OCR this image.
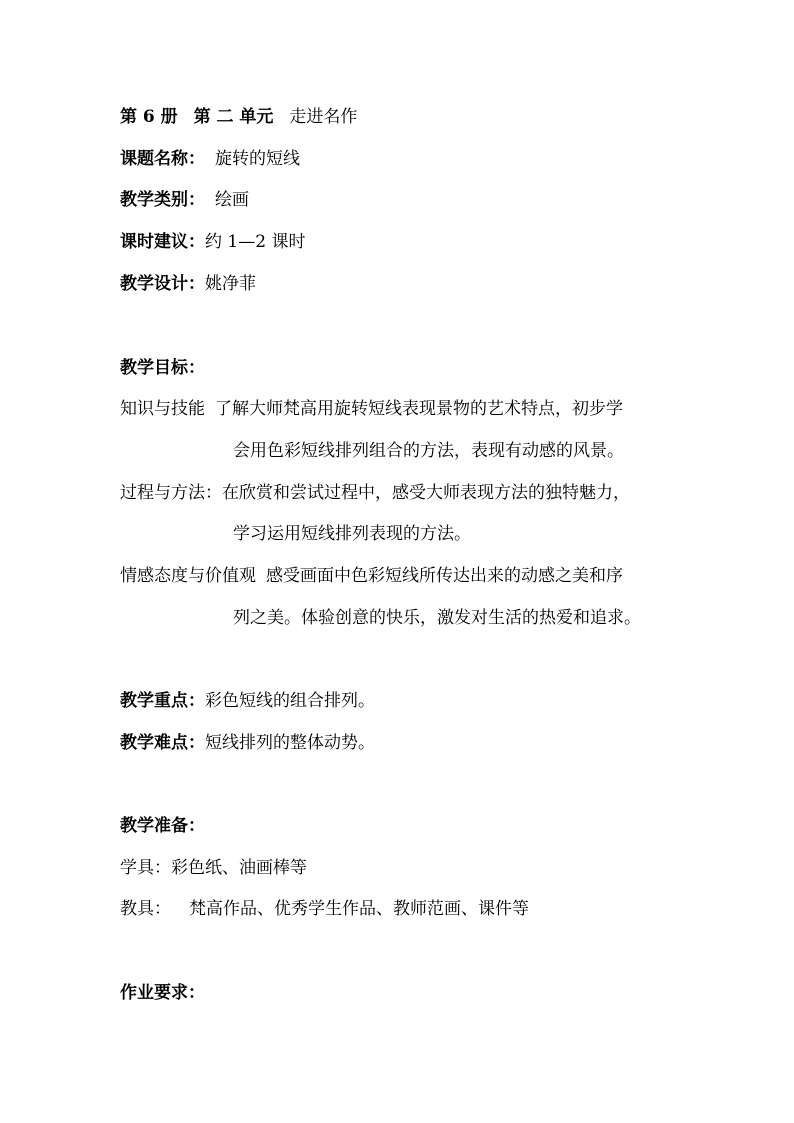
第 6 册 第 二 单元 走进名作
课题名称： 旋转的短线
教学类别： 绘画
课时建议：约 1—2 课时
教学设计：姚净菲
教学目标：
知识与技能 了解大师梵高用旋转短线表现景物的艺术特点，初步学
会用色彩短线排列组合的方法，表现有动感的风景。
过程与方法：在欣赏和尝试过程中，感受大师表现方法的独特魅力，
学习运用短线排列表现的方法。
情感态度与价值观 感受画面中色彩短线所传达出来的动感之美和序
列之美。体验创意的快乐，激发对生活的热爱和追求。
教学重点：彩色短线的组合排列。
教学难点：短线排列的整体动势。
教学准备：
学具：彩色纸、油画棒等
教具： 梵高作品、优秀学生作品、教师范画、课件等
作业要求：
